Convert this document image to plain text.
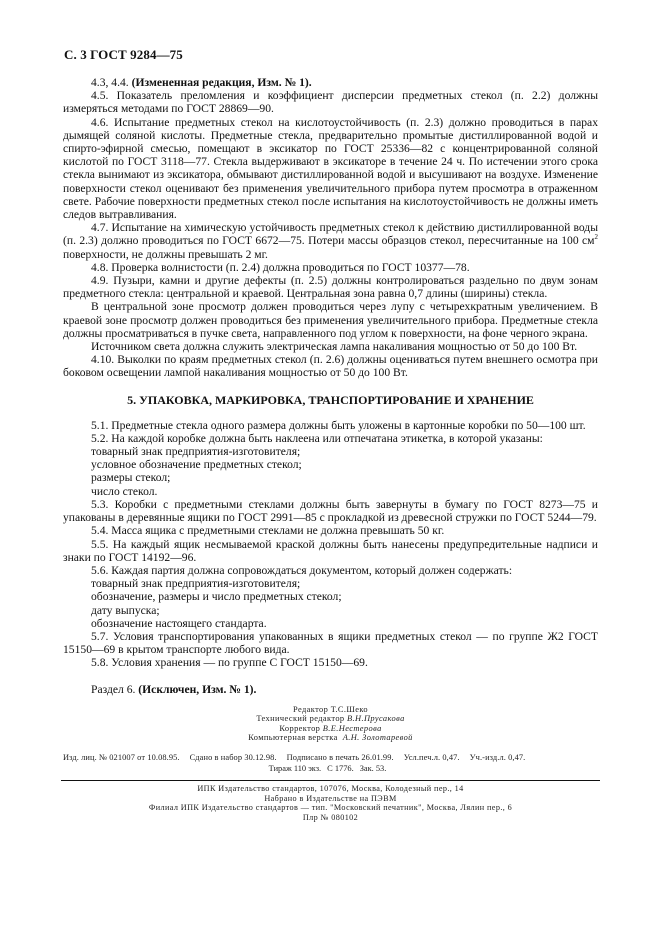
С. 3 ГОСТ 9284—75

4.3, 4.4. (Измененная редакция, Изм. № 1).

4.5. Показатель преломления и коэффициент дисперсии предметных стекол (п. 2.2) должны измеряться методами по ГОСТ 28869—90.

4.6. Испытание предметных стекол на кислотоустойчивость (п. 2.3) должно проводиться в парах дымящей соляной кислоты. Предметные стекла, предварительно промытые дистиллированной водой и спирто-эфирной смесью, помещают в эксикатор по ГОСТ 25336—82 с концентрированной соляной кислотой по ГОСТ 3118—77. Стекла выдерживают в эксикаторе в течение 24 ч. По истечении этого срока стекла вынимают из эксикатора, обмывают дистиллированной водой и высушивают на воздухе. Изменение поверхности стекол оценивают без применения увеличительного прибора путем просмотра в отраженном свете. Рабочие поверхности предметных стекол после испытания на кислотоустойчивость не должны иметь следов вытравливания.

4.7. Испытание на химическую устойчивость предметных стекол к действию дистиллированной воды (п. 2.3) должно проводиться по ГОСТ 6672—75. Потери массы образцов стекол, пересчитанные на 100 $см^2$ поверхности, не должны превышать 2 мг.

4.8. Проверка волнистости (п. 2.4) должна проводиться по ГОСТ 10377—78.

4.9. Пузыри, камни и другие дефекты (п. 2.5) должны контролироваться раздельно по двум зонам предметного стекла: центральной и краевой. Центральная зона равна 0,7 длины (ширины) стекла.

В центральной зоне просмотр должен проводиться через лупу с четырехкратным увеличением. В краевой зоне просмотр должен проводиться без применения увеличительного прибора. Предметные стекла должны просматриваться в пучке света, направленного под углом к поверхности, на фоне черного экрана.

Источником света должна служить электрическая лампа накаливания мощностью от 50 до 100 Вт.

4.10. Выколки по краям предметных стекол (п. 2.6) должны оцениваться путем внешнего осмотра при боковом освещении лампой накаливания мощностью от 50 до 100 Вт.

5. УПАКОВКА, МАРКИРОВКА, ТРАНСПОРТИРОВАНИЕ И ХРАНЕНИЕ

5.1. Предметные стекла одного размера должны быть уложены в картонные коробки по 50—100 шт.

5.2. На каждой коробке должна быть наклеена или отпечатана этикетка, в которой указаны:

товарный знак предприятия-изготовителя;

условное обозначение предметных стекол;

размеры стекол;

число стекол.

5.3. Коробки с предметными стеклами должны быть завернуты в бумагу по ГОСТ 8273—75 и упакованы в деревянные ящики по ГОСТ 2991—85 с прокладкой из древесной стружки по ГОСТ 5244—79.

5.4. Масса ящика с предметными стеклами не должна превышать 50 кг.

5.5. На каждый ящик несмываемой краской должны быть нанесены предупредительные надписи и знаки по ГОСТ 14192—96.

5.6. Каждая партия должна сопровождаться документом, который должен содержать:

товарный знак предприятия-изготовителя;

обозначение, размеры и число предметных стекол;

дату выпуска;

обозначение настоящего стандарта.

5.7. Условия транспортирования упакованных в ящики предметных стекол — по группе Ж2 ГОСТ 15150—69 в крытом транспорте любого вида.

5.8. Условия хранения — по группе С ГОСТ 15150—69.

Раздел 6. (Исключен, Изм. № 1).

Редактор Т.С.Шеко
Технический редактор В.Н.Прусакова
Корректор В.Е.Нестерова
Компьютерная верстка А.Н. Золотаревой
Изд. лиц. № 021007 от 10.08.95. Сдано в набор 30.12.98. Подписано в печать 26.01.99. Усл.печ.л. 0,47. Уч.-изд.л. 0,47.
Тираж 110 экз. С 1776. Зак. 53.
ИПК Издательство стандартов, 107076, Москва, Колодезный пер., 14
Набрано в Издательстве на ПЭВМ
Филиал ИПК Издательство стандартов — тип. "Московский печатник", Москва, Лялин пер., 6
Плр № 080102
